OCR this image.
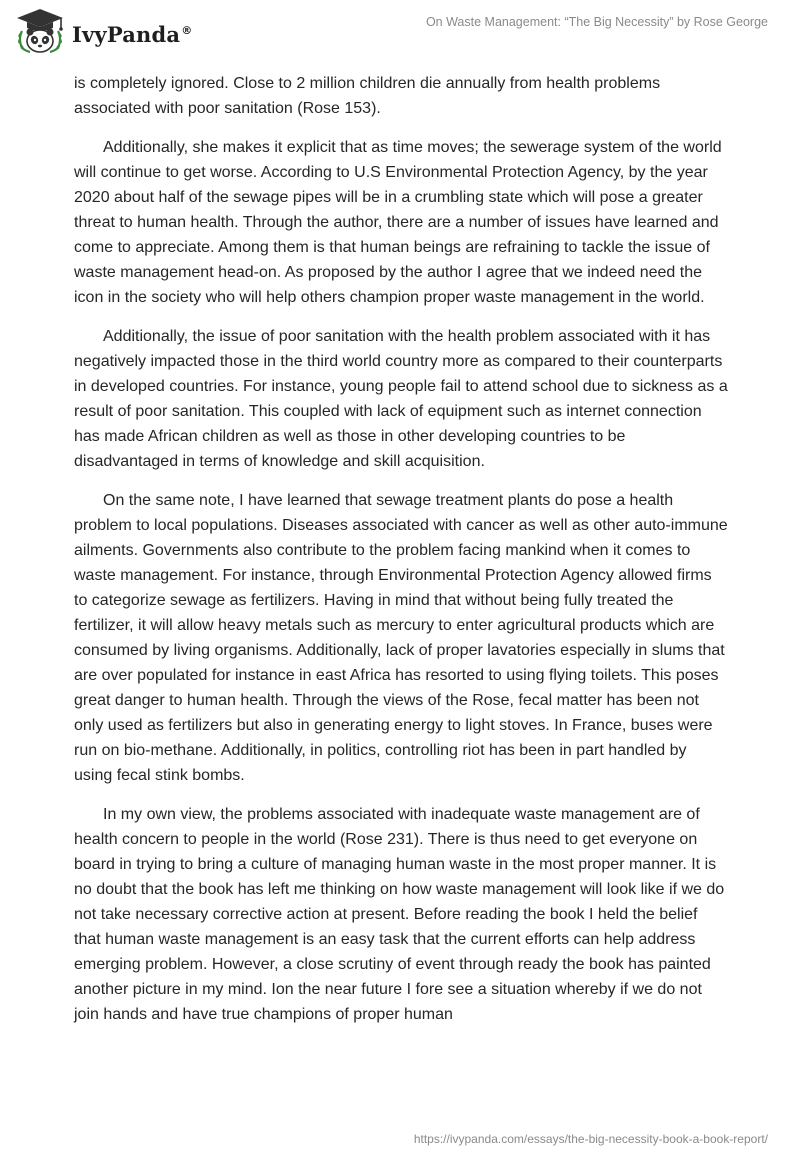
IvyPanda®
On Waste Management: “The Big Necessity” by Rose George

is completely ignored. Close to 2 million children die annually from health problems associated with poor sanitation (Rose 153).

Additionally, she makes it explicit that as time moves; the sewerage system of the world will continue to get worse. According to U.S Environmental Protection Agency, by the year 2020 about half of the sewage pipes will be in a crumbling state which will pose a greater threat to human health. Through the author, there are a number of issues have learned and come to appreciate. Among them is that human beings are refraining to tackle the issue of waste management head-on. As proposed by the author I agree that we indeed need the icon in the society who will help others champion proper waste management in the world.

Additionally, the issue of poor sanitation with the health problem associated with it has negatively impacted those in the third world country more as compared to their counterparts in developed countries. For instance, young people fail to attend school due to sickness as a result of poor sanitation. This coupled with lack of equipment such as internet connection has made African children as well as those in other developing countries to be disadvantaged in terms of knowledge and skill acquisition.

On the same note, I have learned that sewage treatment plants do pose a health problem to local populations. Diseases associated with cancer as well as other auto-immune ailments. Governments also contribute to the problem facing mankind when it comes to waste management. For instance, through Environmental Protection Agency allowed firms to categorize sewage as fertilizers. Having in mind that without being fully treated the fertilizer, it will allow heavy metals such as mercury to enter agricultural products which are consumed by living organisms. Additionally, lack of proper lavatories especially in slums that are over populated for instance in east Africa has resorted to using flying toilets. This poses great danger to human health. Through the views of the Rose, fecal matter has been not only used as fertilizers but also in generating energy to light stoves. In France, buses were run on bio-methane. Additionally, in politics, controlling riot has been in part handled by using fecal stink bombs.

In my own view, the problems associated with inadequate waste management are of health concern to people in the world (Rose 231). There is thus need to get everyone on board in trying to bring a culture of managing human waste in the most proper manner. It is no doubt that the book has left me thinking on how waste management will look like if we do not take necessary corrective action at present. Before reading the book I held the belief that human waste management is an easy task that the current efforts can help address emerging problem. However, a close scrutiny of event through ready the book has painted another picture in my mind. Ion the near future I fore see a situation whereby if we do not join hands and have true champions of proper human

https://ivypanda.com/essays/the-big-necessity-book-a-book-report/
